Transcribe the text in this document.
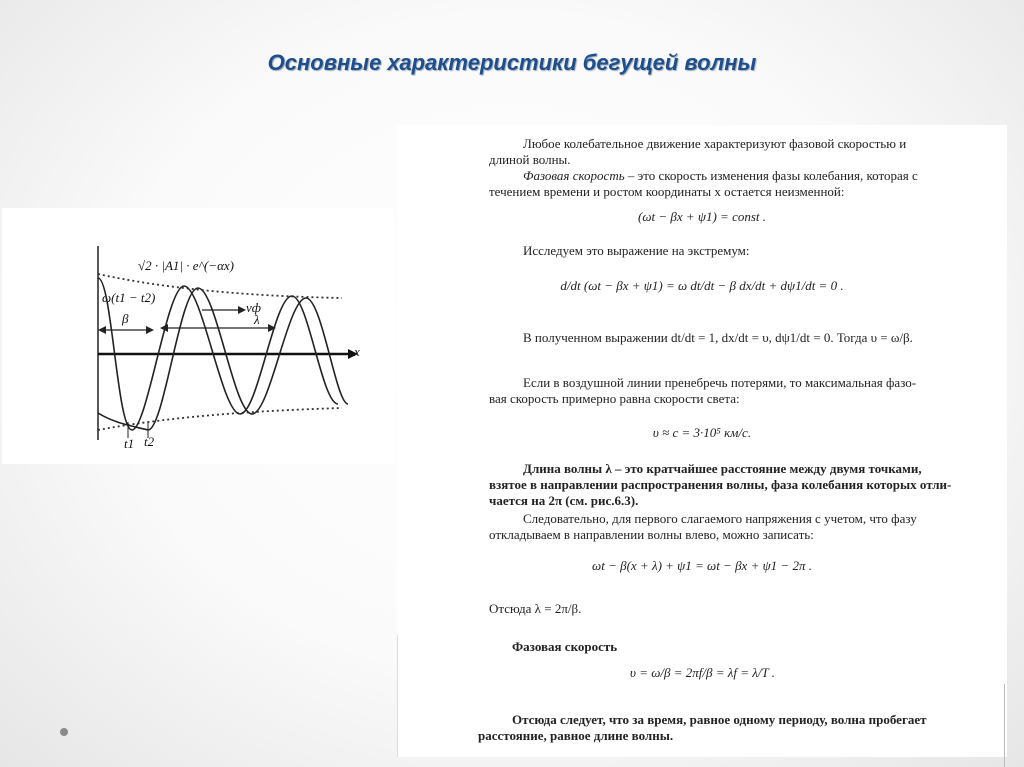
Основные характеристики бегущей волны
√2 · |A1| · e^(−αx)
ω(t1 − t2)
β
vф
λ
x
t1 t2
Любое колебательное движение характеризуют фазовой скоростью и
длиной волны.
Фазовая скорость – это скорость изменения фазы колебания, которая с
течением времени и ростом координаты x остается неизменной:
(ωt − βx + ψ1) = const .
Исследуем это выражение на экстремум:
d/dt (ωt − βx + ψ1) = ω dt/dt − β dx/dt + dψ1/dt = 0 .
В полученном выражении dt/dt = 1, dx/dt = υ, dψ1/dt = 0. Тогда υ = ω/β.
Если в воздушной линии пренебречь потерями, то максимальная фазо-
вая скорость примерно равна скорости света:
υ ≈ c = 3·10⁵ км/с.
Длина волны λ – это кратчайшее расстояние между двумя точками,
взятое в направлении распространения волны, фаза колебания которых отли-
чается на 2π (см. рис.6.3).
Следовательно, для первого слагаемого напряжения с учетом, что фазу
откладываем в направлении волны влево, можно записать:
ωt − β(x + λ) + ψ1 = ωt − βx + ψ1 − 2π .
Отсюда λ = 2π/β.
Фазовая скорость
υ = ω/β = 2πf/β = λf = λ/T .
Отсюда следует, что за время, равное одному периоду, волна пробегает
расстояние, равное длине волны.
